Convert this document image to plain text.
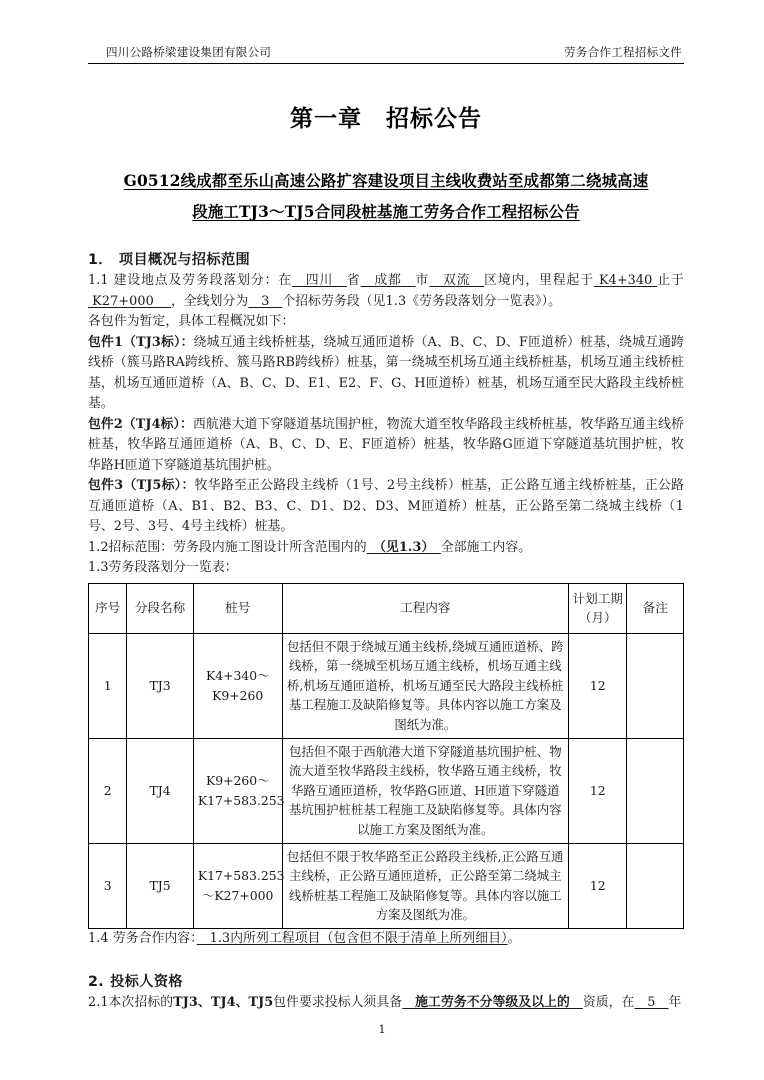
四川公路桥梁建设集团有限公司	劳务合作工程招标文件
第一章　招标公告
G0512线成都至乐山高速公路扩容建设项目主线收费站至成都第二绕城高速
段施工TJ3～TJ5合同段桩基施工劳务合作工程招标公告
1． 项目概况与招标范围

1.1 建设地点及劳务段落划分：在　四川　省　成都　市　双流　区境内，里程起于 K4+340 止于 K27+000 　，全线划分为　3　个招标劳务段（见1.3《劳务段落划分一览表》）。

各包件为暂定，具体工程概况如下：

包件1（TJ3标）：绕城互通主线桥桩基，绕城互通匝道桥（A、B、C、D、F匝道桥）桩基，绕城互通跨线桥（簇马路RA跨线桥、簇马路RB跨线桥）桩基，第一绕城至机场互通主线桥桩基，机场互通主线桥桩基，机场互通匝道桥（A、B、C、D、E1、E2、F、G、H匝道桥）桩基，机场互通至民大路段主线桥桩基。

包件2（TJ4标）：西航港大道下穿隧道基坑围护桩，物流大道至牧华路段主线桥桩基，牧华路互通主线桥桩基，牧华路互通匝道桥（A、B、C、D、E、F匝道桥）桩基，牧华路G匝道下穿隧道基坑围护桩，牧华路H匝道下穿隧道基坑围护桩。

包件3（TJ5标）：牧华路至正公路段主线桥（1号、2号主线桥）桩基，正公路互通主线桥桩基，正公路互通匝道桥（A、B1、B2、B3、C、D1、D2、D3、M匝道桥）桩基，正公路至第二绕城主线桥（1号、2号、3号、4号主线桥）桩基。

1.2招标范围：劳务段内施工图设计所含范围内的　（见1.3）　全部施工内容。

1.3劳务段落划分一览表：

序号	分段名称	桩号	工程内容	计划工期（月）	备注
1	TJ3	K4+340～K9+260	包括但不限于绕城互通主线桥,绕城互通匝道桥、跨线桥，第一绕城至机场互通主线桥，机场互通主线桥,机场互通匝道桥，机场互通至民大路段主线桥桩基工程施工及缺陷修复等。具体内容以施工方案及图纸为准。	12	
2	TJ4	K9+260～K17+583.253	包括但不限于西航港大道下穿隧道基坑围护桩、物流大道至牧华路段主线桥，牧华路互通主线桥，牧华路互通匝道桥，牧华路G匝道、H匝道下穿隧道基坑围护桩桩基工程施工及缺陷修复等。具体内容以施工方案及图纸为准。	12	
3	TJ5	K17+583.253～K27+000	包括但不限于牧华路至正公路段主线桥,正公路互通主线桥，正公路互通匝道桥，正公路至第二绕城主线桥桩基工程施工及缺陷修复等。具体内容以施工方案及图纸为准。	12	

1.4 劳务合作内容：　1.3内所列工程项目（包含但不限于清单上所列细目）。

2. 投标人资格

2.1本次招标的TJ3、TJ4、TJ5包件要求投标人须具备　施工劳务不分等级及以上的　资质，在　5　年

1
